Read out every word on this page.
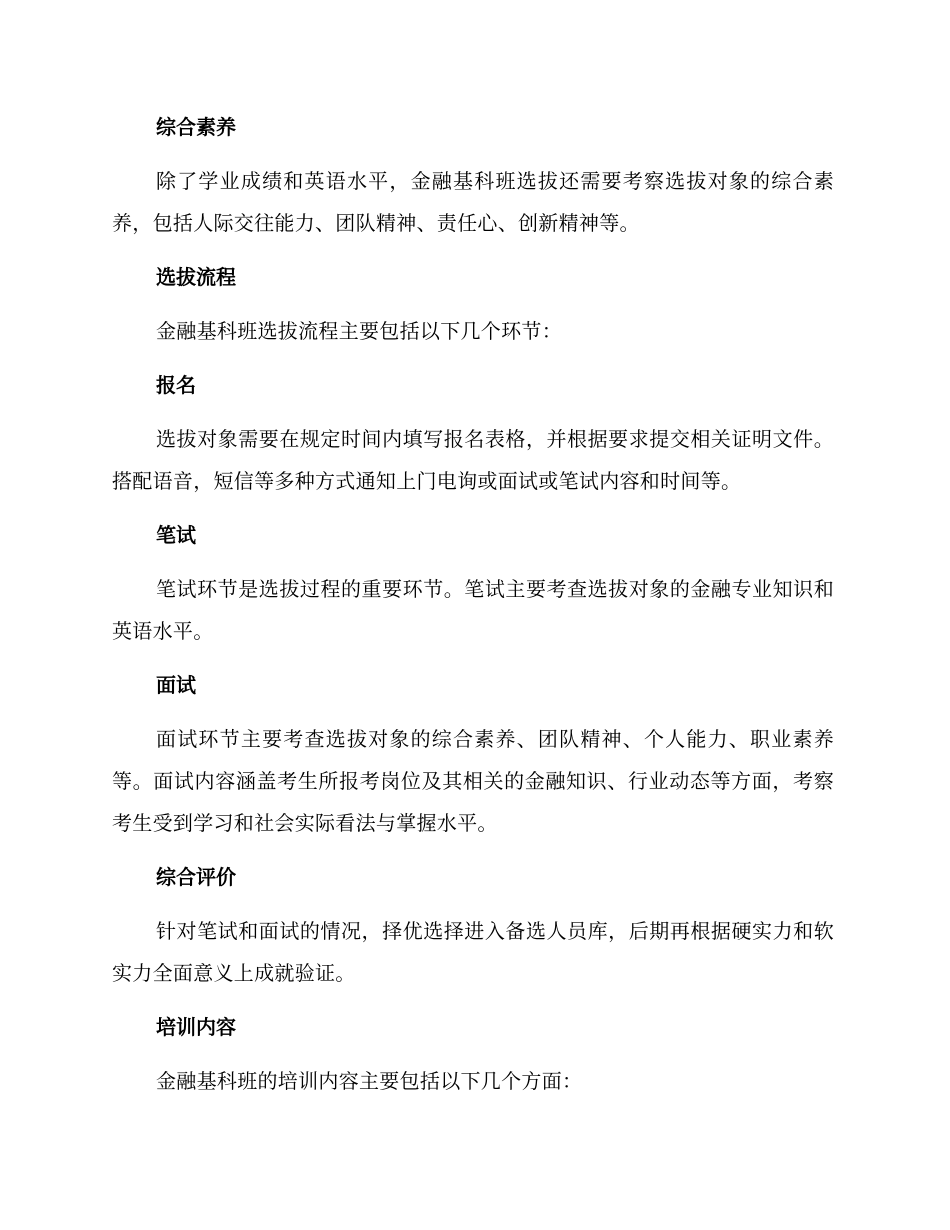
综合素养

除了学业成绩和英语水平，金融基科班选拔还需要考察选拔对象的综合素养，包括人际交往能力、团队精神、责任心、创新精神等。

选拔流程

金融基科班选拔流程主要包括以下几个环节：

报名

选拔对象需要在规定时间内填写报名表格，并根据要求提交相关证明文件。搭配语音，短信等多种方式通知上门电询或面试或笔试内容和时间等。

笔试

笔试环节是选拔过程的重要环节。笔试主要考查选拔对象的金融专业知识和英语水平。

面试

面试环节主要考查选拔对象的综合素养、团队精神、个人能力、职业素养等。面试内容涵盖考生所报考岗位及其相关的金融知识、行业动态等方面，考察考生受到学习和社会实际看法与掌握水平。

综合评价

针对笔试和面试的情况，择优选择进入备选人员库，后期再根据硬实力和软实力全面意义上成就验证。

培训内容

金融基科班的培训内容主要包括以下几个方面：
